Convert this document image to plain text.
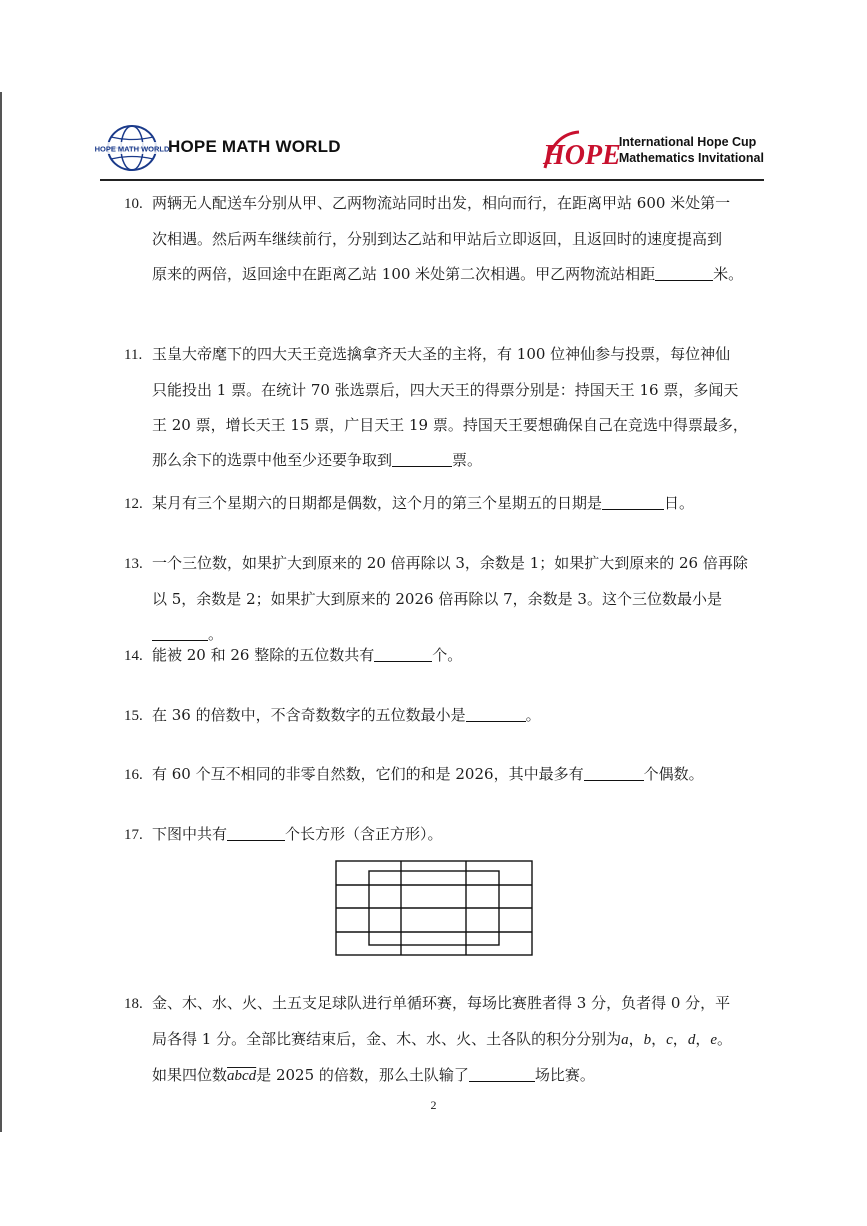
HOPE MATH WORLD
HOPE MATH WORLD	HOPE
International Hope Cup
Mathematics Invitational
10. 两辆无人配送车分别从甲、乙两物流站同时出发，相向而行，在距离甲站 600 米处第一
次相遇。然后两车继续前行，分别到达乙站和甲站后立即返回，且返回时的速度提高到
原来的两倍，返回途中在距离乙站 100 米处第二次相遇。甲乙两物流站相距	米。
11. 玉皇大帝麾下的四大天王竞选擒拿齐天大圣的主将，有 100 位神仙参与投票，每位神仙
只能投出 1 票。在统计 70 张选票后，四大天王的得票分别是：持国天王 16 票，多闻天
王 20 票，增长天王 15 票，广目天王 19 票。持国天王要想确保自己在竞选中得票最多，
那么余下的选票中他至少还要争取到	票。
12. 某月有三个星期六的日期都是偶数，这个月的第三个星期五的日期是	日。
13. 一个三位数，如果扩大到原来的 20 倍再除以 3，余数是 1；如果扩大到原来的 26 倍再除
以 5，余数是 2；如果扩大到原来的 2026 倍再除以 7，余数是 3。这个三位数最小是。
14. 能被 20 和 26 整除的五位数共有	个。
15. 在 36 的倍数中，不含奇数数字的五位数最小是	。
16. 有 60 个互不相同的非零自然数，它们的和是 2026，其中最多有	个偶数。
17. 下图中共有	个长方形（含正方形）。
18. 金、木、水、火、土五支足球队进行单循环赛，每场比赛胜者得 3 分，负者得 0 分，平
局各得 1 分。全部比赛结束后，金、木、水、火、土各队的积分分别为a，b，c，d，e。
如果四位数abcd是 2025 的倍数，那么土队输了	场比赛。
2
